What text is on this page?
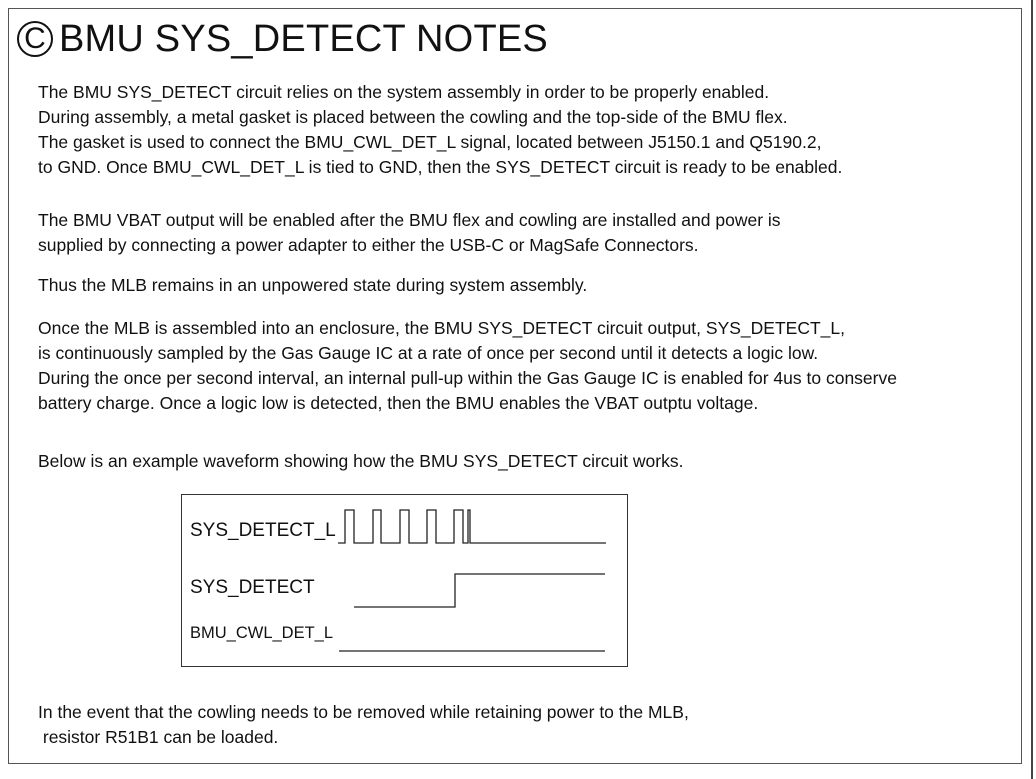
C BMU SYS_DETECT NOTES
The BMU SYS_DETECT circuit relies on the system assembly in order to be properly enabled.
During assembly, a metal gasket is placed between the cowling and the top-side of the BMU flex.
The gasket is used to connect the BMU_CWL_DET_L signal, located between J5150.1 and Q5190.2,
to GND. Once BMU_CWL_DET_L is tied to GND, then the SYS_DETECT circuit is ready to be enabled.
The BMU VBAT output will be enabled after the BMU flex and cowling are installed and power is
supplied by connecting a power adapter to either the USB-C or MagSafe Connectors.
Thus the MLB remains in an unpowered state during system assembly.
Once the MLB is assembled into an enclosure, the BMU SYS_DETECT circuit output, SYS_DETECT_L,
is continuously sampled by the Gas Gauge IC at a rate of once per second until it detects a logic low.
During the once per second interval, an internal pull-up within the Gas Gauge IC is enabled for 4us to conserve
battery charge. Once a logic low is detected, then the BMU enables the VBAT outptu voltage.
Below is an example waveform showing how the BMU SYS_DETECT circuit works.
SYS_DETECT_L
SYS_DETECT
BMU_CWL_DET_L
In the event that the cowling needs to be removed while retaining power to the MLB,
resistor R51B1 can be loaded.
